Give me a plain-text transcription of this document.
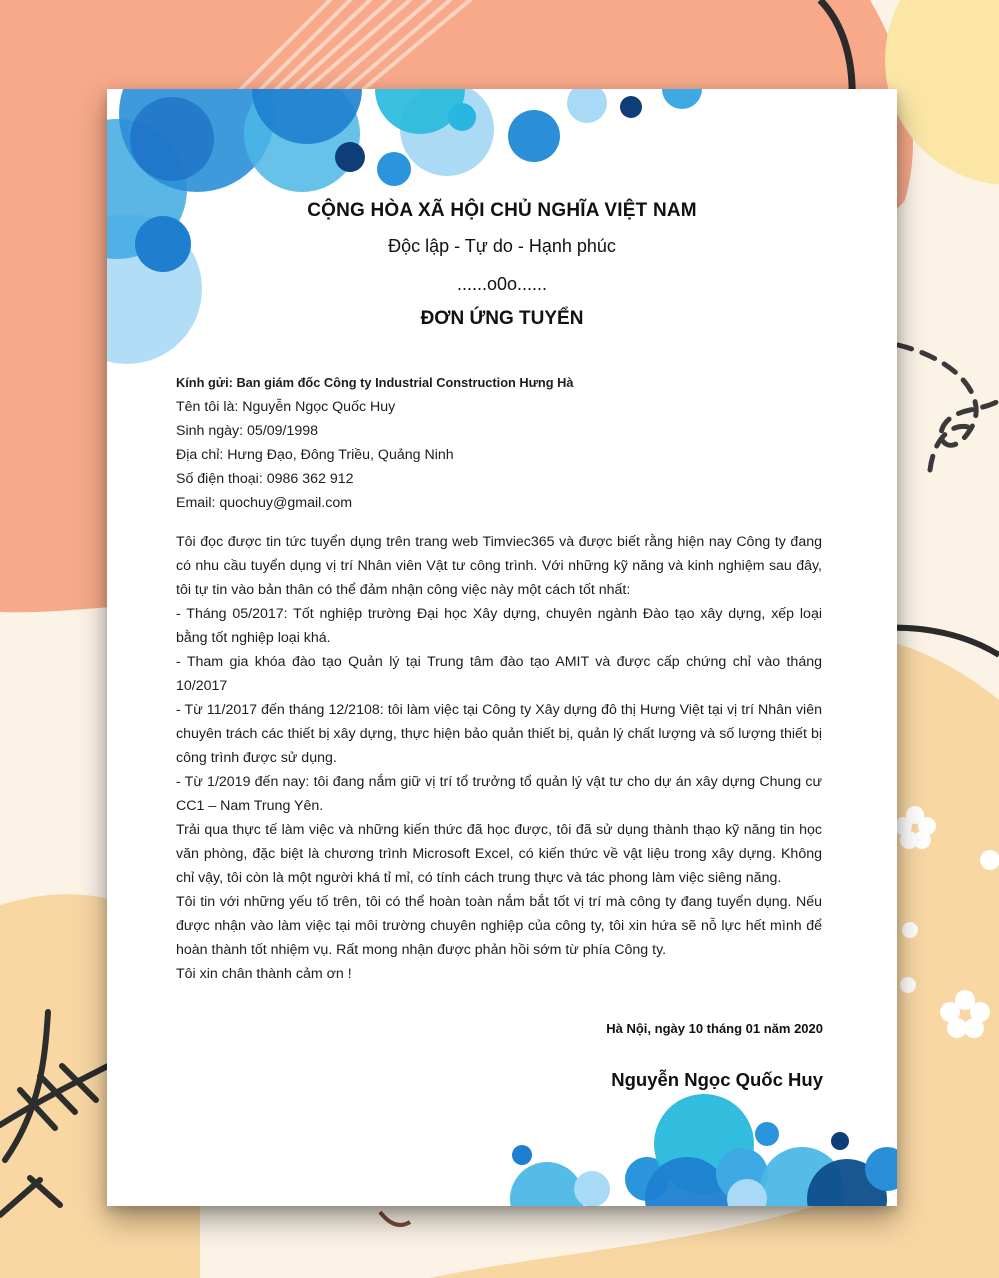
CỘNG HÒA XÃ HỘI CHỦ NGHĨA VIỆT NAM
Độc lập - Tự do - Hạnh phúc
......o0o......
ĐƠN ỨNG TUYỂN
Kính gửi: Ban giám đốc Công ty Industrial Construction Hưng Hà
Tên tôi là: Nguyễn Ngọc Quốc Huy
Sinh ngày: 05/09/1998
Địa chỉ: Hưng Đạo, Đông Triều, Quảng Ninh
Số điện thoại: 0986 362 912
Email: quochuy@gmail.com

Tôi đọc được tin tức tuyển dụng trên trang web Timviec365 và được biết rằng hiện nay Công ty đang có nhu cầu tuyển dụng vị trí Nhân viên Vật tư công trình. Với những kỹ năng và kinh nghiệm sau đây, tôi tự tin vào bản thân có thể đảm nhận công việc này một cách tốt nhất:

- Tháng 05/2017: Tốt nghiệp trường Đại học Xây dựng, chuyên ngành Đào tạo xây dựng, xếp loại bằng tốt nghiệp loại khá.

- Tham gia khóa đào tạo Quản lý tại Trung tâm đào tạo AMIT và được cấp chứng chỉ vào tháng 10/2017

- Từ 11/2017 đến tháng 12/2108: tôi làm việc tại Công ty Xây dựng đô thị Hưng Việt tại vị trí Nhân viên chuyên trách các thiết bị xây dựng, thực hiện bảo quản thiết bị, quản lý chất lượng và số lượng thiết bị công trình được sử dụng.

- Từ 1/2019 đến nay: tôi đang nắm giữ vị trí tổ trưởng tổ quản lý vật tư cho dự án xây dựng Chung cư CC1 – Nam Trung Yên.

Trải qua thực tế làm việc và những kiến thức đã học được, tôi đã sử dụng thành thạo kỹ năng tin học văn phòng, đặc biệt là chương trình Microsoft Excel, có kiến thức về vật liệu trong xây dựng. Không chỉ vậy, tôi còn là một người khá tỉ mỉ, có tính cách trung thực và tác phong làm việc siêng năng.

Tôi tin với những yếu tố trên, tôi có thể hoàn toàn nắm bắt tốt vị trí mà công ty đang tuyển dụng. Nếu được nhận vào làm việc tại môi trường chuyên nghiệp của công ty, tôi xin hứa sẽ nỗ lực hết mình để hoàn thành tốt nhiệm vụ. Rất mong nhận được phản hồi sớm từ phía Công ty.

Tôi xin chân thành cảm ơn !

Hà Nội, ngày 10 tháng 01 năm 2020
Nguyễn Ngọc Quốc Huy
